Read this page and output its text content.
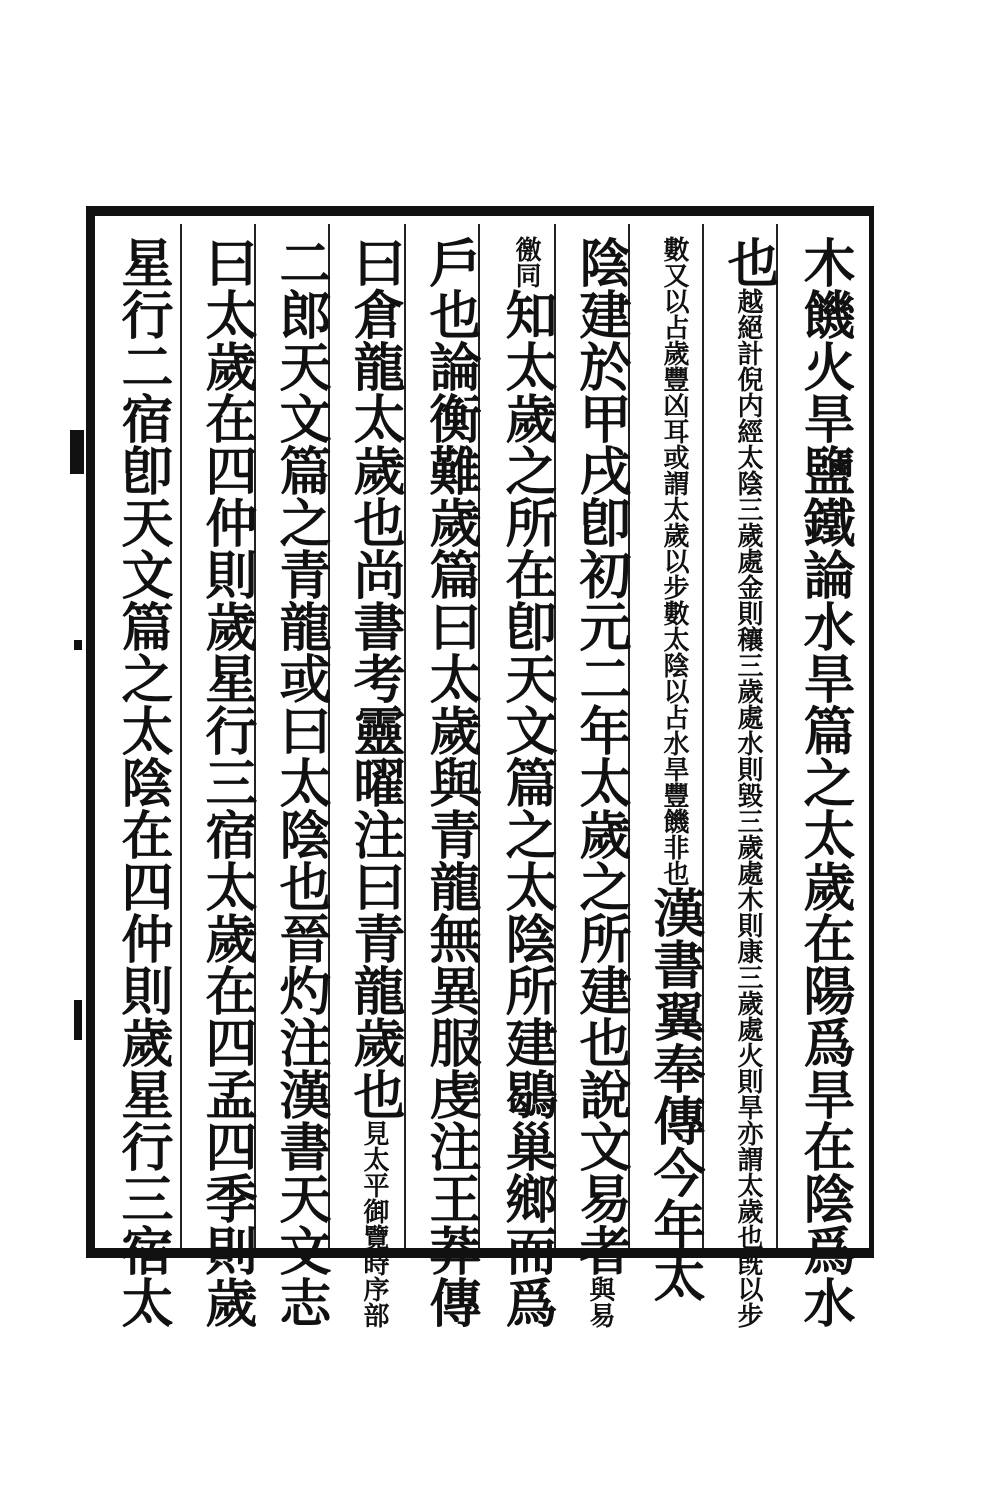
木饑火旱鹽鐵論水旱篇之太歲在陽爲旱在陰爲水
也越絕計倪内經太陰三歲處金則穰三歲處水則毀三歲處木則康三歲處火則旱亦謂太歲也旣以步
數又以占歲豐凶耳或謂太歲以步數太陰以占水旱豐饑非也漢書翼奉傳今年太
陰建於甲戌卽初元二年太歲之所建也說文易者與易
徼同知太歲之所在卽天文篇之太陰所建鶡巢鄉而爲
戶也論衡難歲篇曰太歲與青龍無異服虔注王莽傳
曰倉龍太歲也尚書考靈曜注曰青龍歲也見太平御覽時序部
二郎天文篇之青龍或曰太陰也晉灼注漢書天文志
曰太歲在四仲則歲星行三宿太歲在四孟四季則歲
星行二宿卽天文篇之太陰在四仲則歲星行三宿太
